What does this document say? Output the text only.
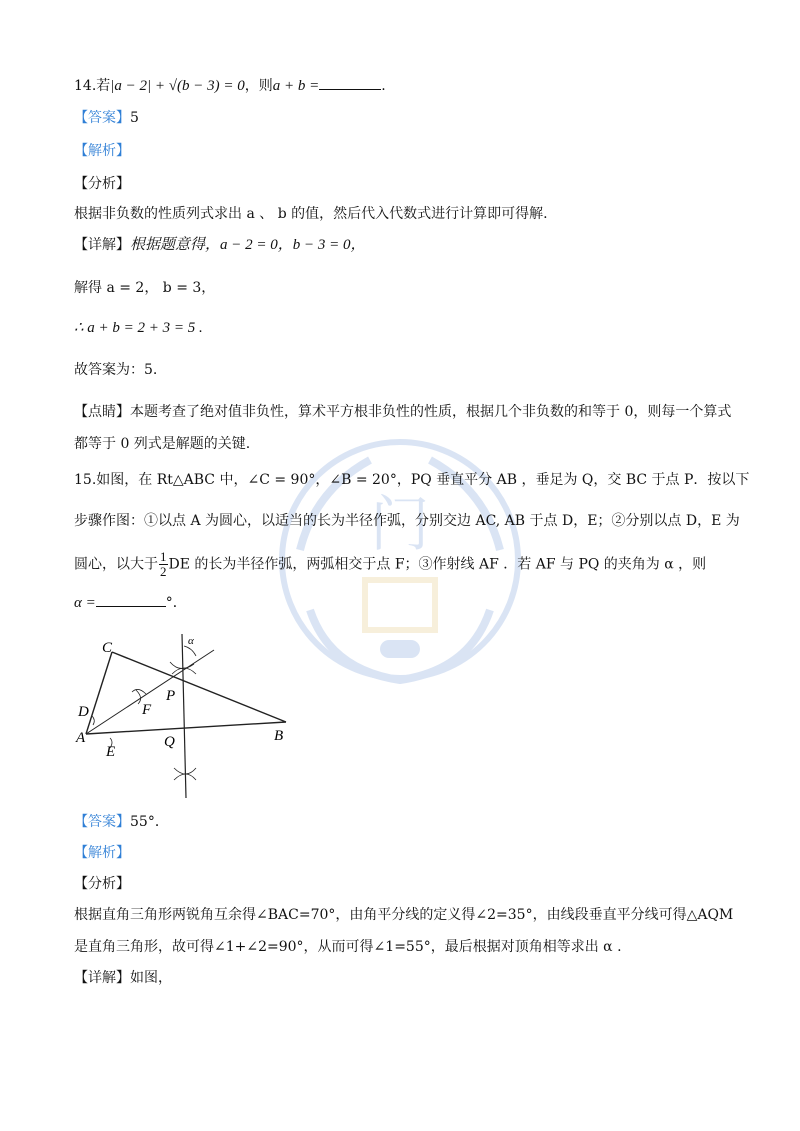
门
14.若|a − 2| + √(b − 3) = 0，则a + b =	.
【答案】5
【解析】
【分析】
根据非负数的性质列式求出 a 、 b 的值，然后代入代数式进行计算即可得解.
【详解】根据题意得，a − 2 = 0，b − 3 = 0，
解得 a = 2， b = 3，
∴ a + b = 2 + 3 = 5 .
故答案为：5.
【点睛】本题考查了绝对值非负性，算术平方根非负性的性质，根据几个非负数的和等于 0，则每一个算式
都等于 0 列式是解题的关键.
15.如图，在 Rt△ABC 中，∠C = 90°，∠B = 20°，PQ 垂直平分 AB ，垂足为 Q，交 BC 于点 P．按以下
步骤作图：①以点 A 为圆心，以适当的长为半径作弧，分别交边 AC, AB 于点 D，E；②分别以点 D，E 为
圆心，以大于 $\frac{1}{2}$ DE 的长为半径作弧，两弧相交于点 F；③作射线 AF ．若 AF 与 PQ 的夹角为 α ，则
α =	°．
C
D
A
E
F
P
Q	B
α
【答案】55°．
【解析】
【分析】
根据直角三角形两锐角互余得∠BAC=70°，由角平分线的定义得∠2=35°，由线段垂直平分线可得△AQM
是直角三角形，故可得∠1+∠2=90°，从而可得∠1=55°，最后根据对顶角相等求出 α .
【详解】如图，
